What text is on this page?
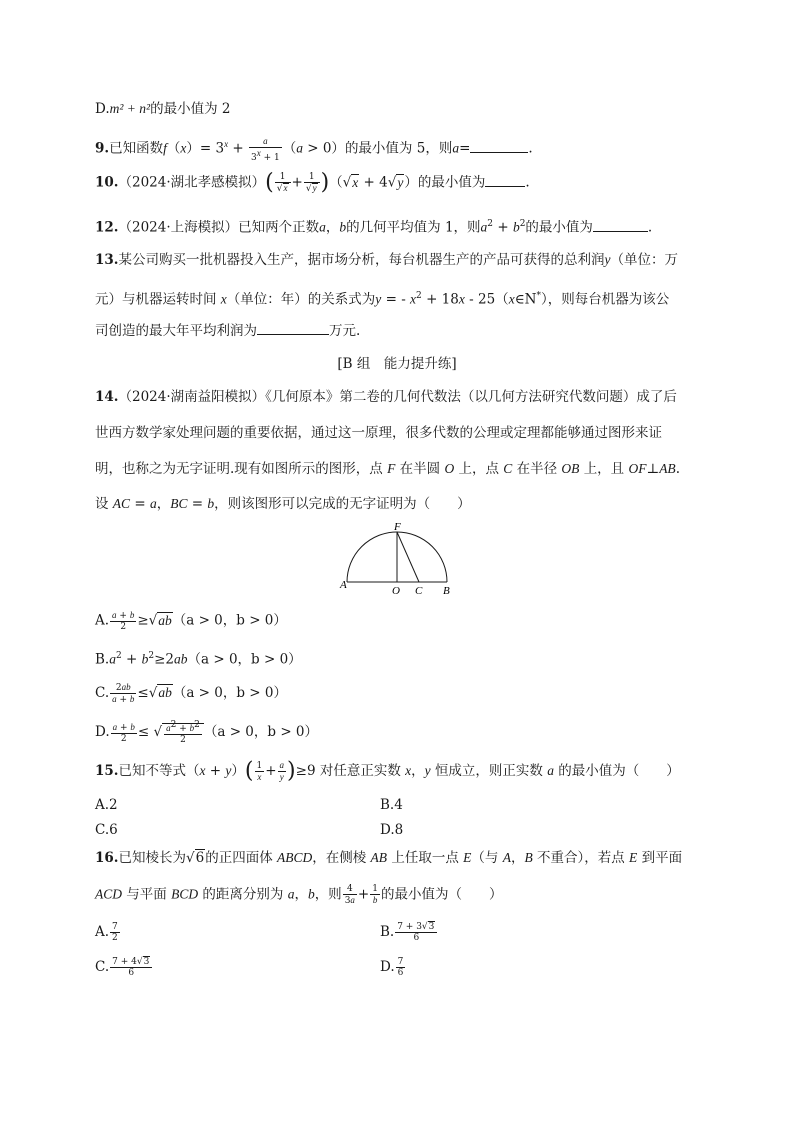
D.m² + n²的最小值为 2
9.已知函数$f(x)= 3^x + \frac{a}{3^x + 1} (a > 0)$的最小值为 5，则a=	.
10.（2024·湖北孝感模拟）( $\frac{1}{√x} + \frac{1}{√y} )(√x + 4√y)$的最小值为	.
12.（2024·上海模拟）已知两个正数a，b的几何平均值为 1，则$a^2 + b^2$的最小值为	.
13.某公司购买一批机器投入生产，据市场分析，每台机器生产的产品可获得的总利润y（单位：万
元）与机器运转时间 x（单位：年）的关系式为y = - $x^2 + 18x$ - 25（x∈N*），则每台机器为该公
司创造的最大年平均利润为	万元.
[B 组　能力提升练]
14.（2024·湖南益阳模拟）《几何原本》第二卷的几何代数法（以几何方法研究代数问题）成了后
世西方数学家处理问题的重要依据，通过这一原理，很多代数的公理或定理都能够通过图形来证
明，也称之为无字证明.现有如图所示的图形，点 F 在半圆 O 上，点 C 在半径 OB 上，且 OF⊥AB.
设 AC = a，BC = b，则该图形可以完成的无字证明为（　　）
A	O C B
F
A. $\frac{a + b}{2} \ge√ab(a > 0$，b > 0）
$B.a^2 + b^2\ge 2ab(a > 0$，b > 0）
C. $\frac{2ab}{a + b} \le√ab(a > 0$，b > 0）
D. $\frac{a + b}{2}$ ≤ √ $\frac{a^2 + b^2}{2} (a > 0$，b > 0）
15.已知不等式$(x + y)( \frac{1}{x} + \frac{a}{y} )\ge 9$ 对任意正实数 x，y 恒成立，则正实数 a 的最小值为（　　）
A.2	B.4
C.6	D.8
16.已知棱长为√6的正四面体 ABCD，在侧棱 AB 上任取一点 E（与 A，B 不重合），若点 E 到平面
ACD 与平面 BCD 的距离分别为 a，b，则 $\frac{4}{3a} + \frac{1}{b}$ 的最小值为（　　）
A. $\frac{7}{2}$	B. $\frac{7 + 3√3}{6}$
C. $\frac{7 + 4√3}{6}$	D. $\frac{7}{6}$
